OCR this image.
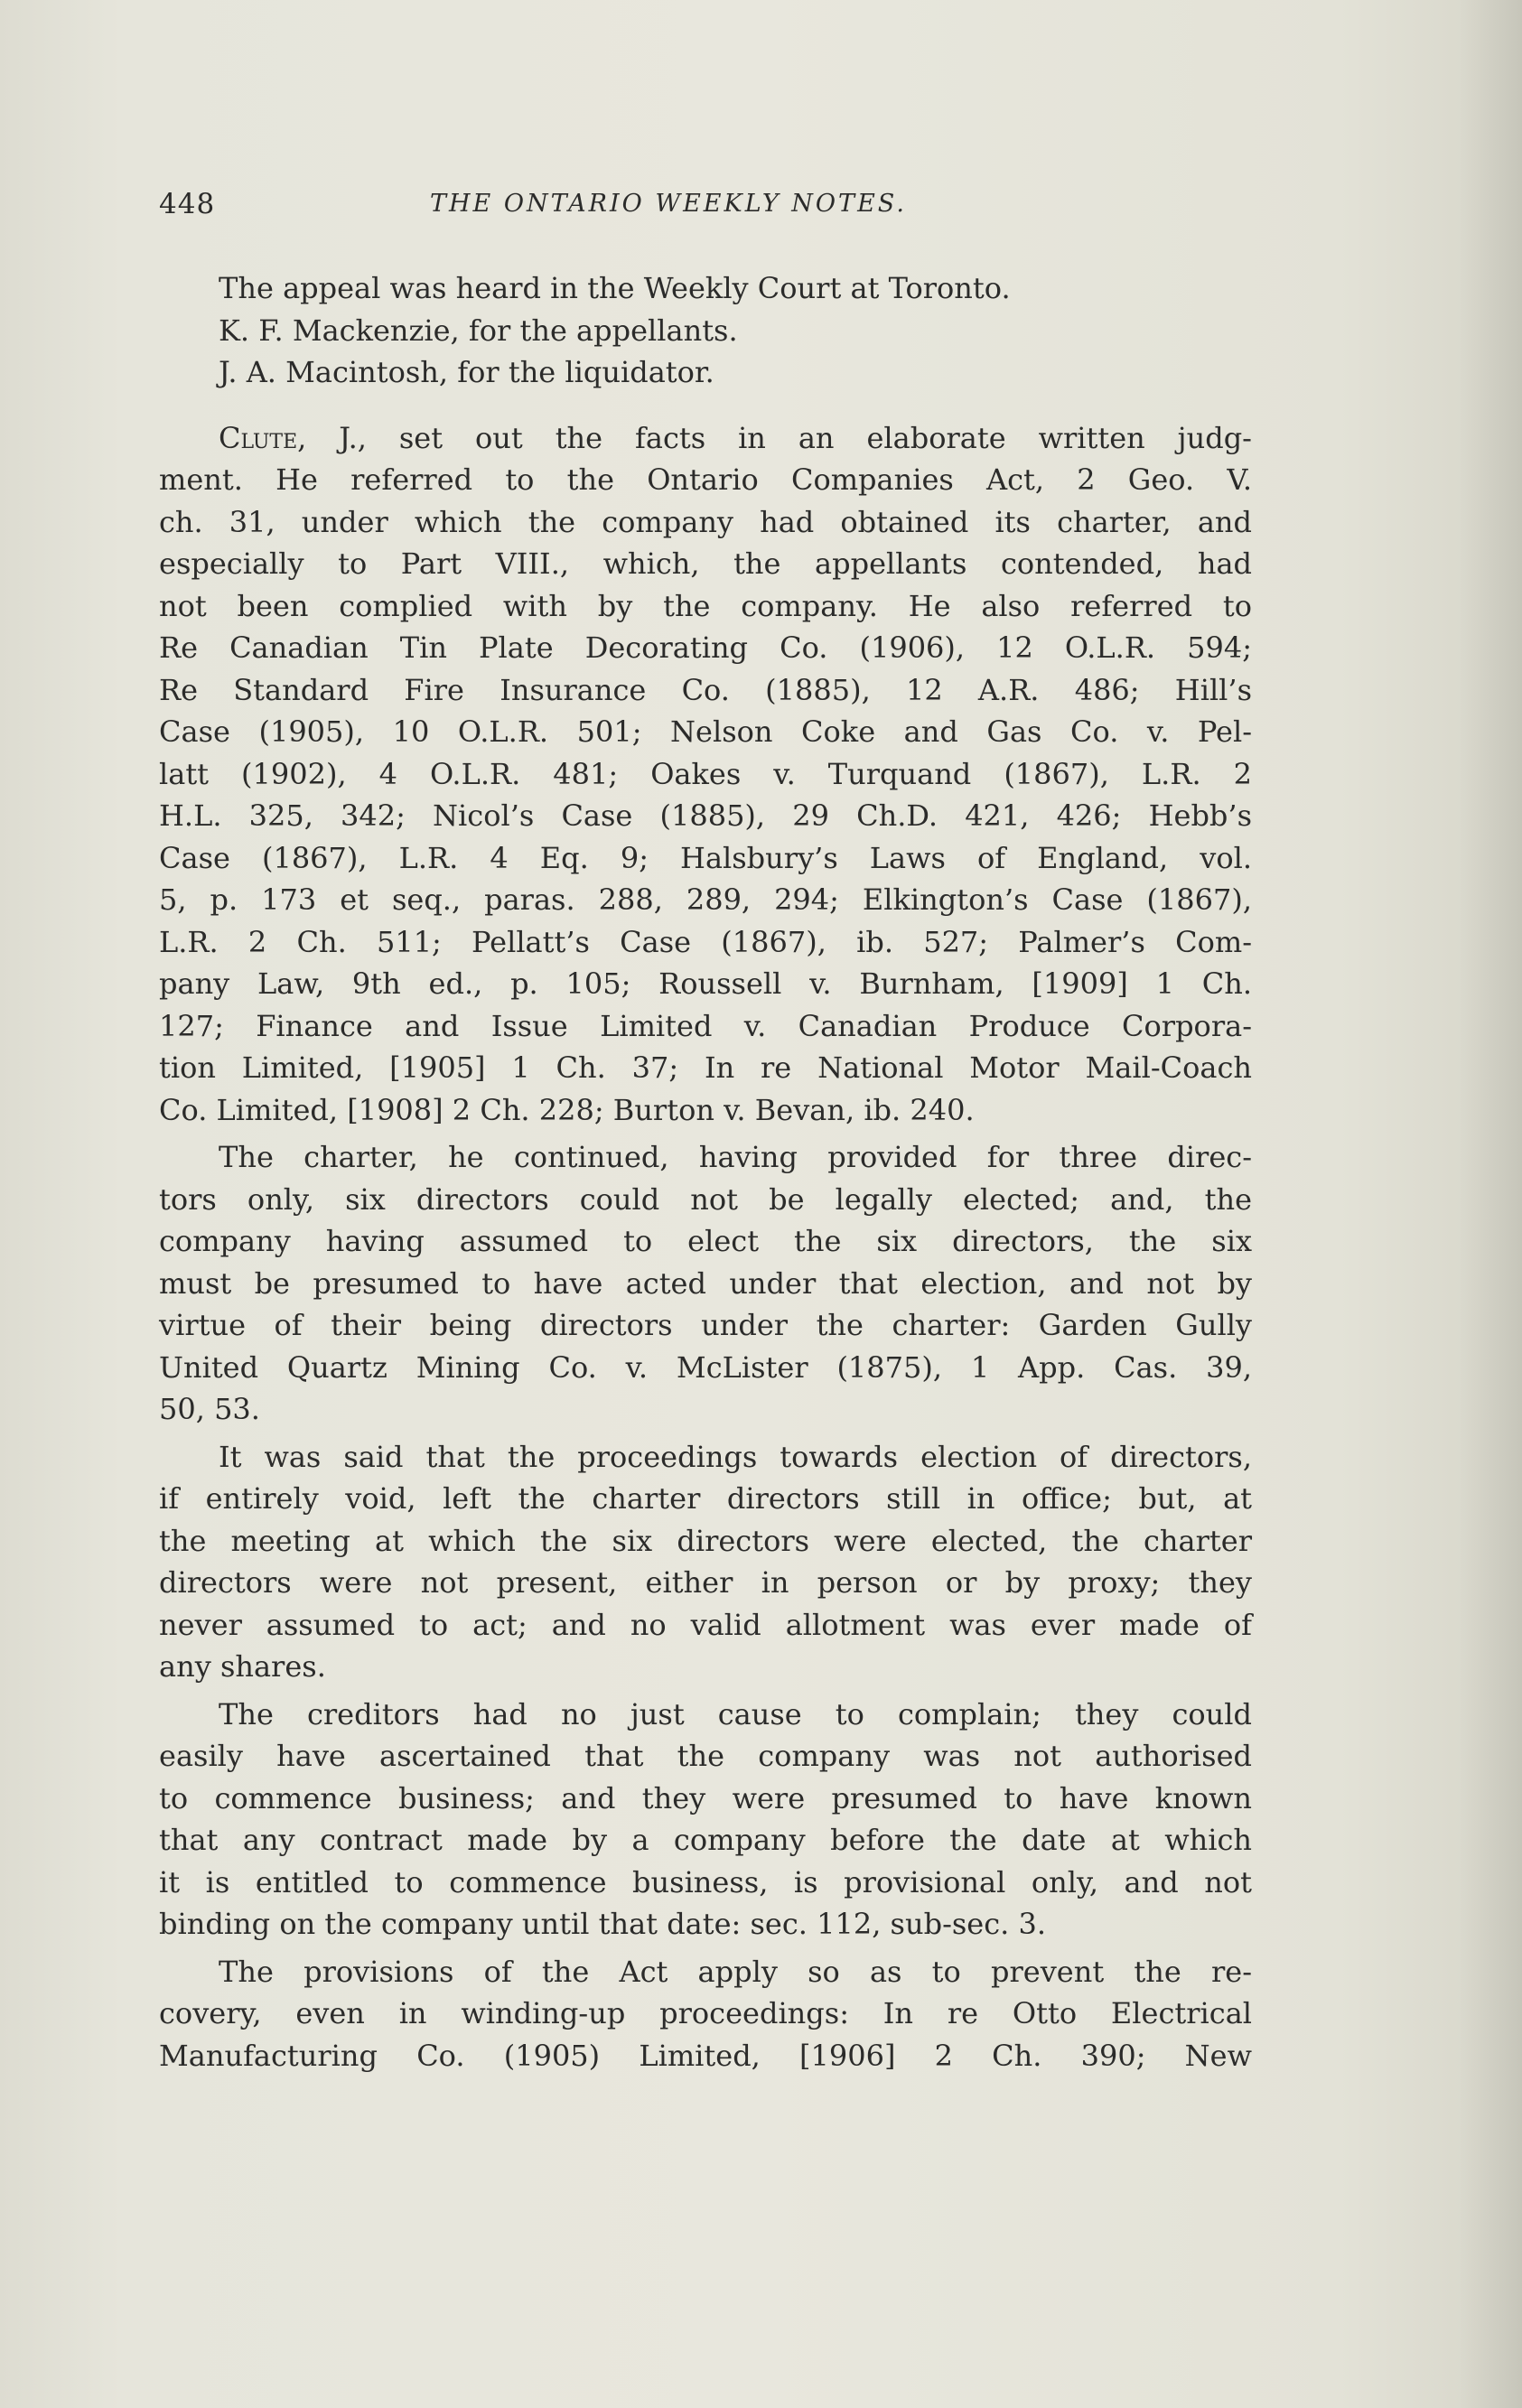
448	THE ONTARIO WEEKLY NOTES.
The appeal was heard in the Weekly Court at Toronto.
K. F. Mackenzie, for the appellants.
J. A. Macintosh, for the liquidator.
Clute, J., set out the facts in an elaborate written judg-
ment. He referred to the Ontario Companies Act, 2 Geo. V.
ch. 31, under which the company had obtained its charter, and
especially to Part VIII., which, the appellants contended, had
not been complied with by the company. He also referred to
Re Canadian Tin Plate Decorating Co. (1906), 12 O.L.R. 594;
Re Standard Fire Insurance Co. (1885), 12 A.R. 486; Hill’s
Case (1905), 10 O.L.R. 501; Nelson Coke and Gas Co. v. Pel-
latt (1902), 4 O.L.R. 481; Oakes v. Turquand (1867), L.R. 2
H.L. 325, 342; Nicol’s Case (1885), 29 Ch.D. 421, 426; Hebb’s
Case (1867), L.R. 4 Eq. 9; Halsbury’s Laws of England, vol.
5, p. 173 et seq., paras. 288, 289, 294; Elkington’s Case (1867),
L.R. 2 Ch. 511; Pellatt’s Case (1867), ib. 527; Palmer’s Com-
pany Law, 9th ed., p. 105; Roussell v. Burnham, [1909] 1 Ch.
127; Finance and Issue Limited v. Canadian Produce Corpora-
tion Limited, [1905] 1 Ch. 37; In re National Motor Mail-Coach
Co. Limited, [1908] 2 Ch. 228; Burton v. Bevan, ib. 240.
The charter, he continued, having provided for three direc-
tors only, six directors could not be legally elected; and, the
company having assumed to elect the six directors, the six
must be presumed to have acted under that election, and not by
virtue of their being directors under the charter: Garden Gully
United Quartz Mining Co. v. McLister (1875), 1 App. Cas. 39,
50, 53.
It was said that the proceedings towards election of directors,
if entirely void, left the charter directors still in office; but, at
the meeting at which the six directors were elected, the charter
directors were not present, either in person or by proxy; they
never assumed to act; and no valid allotment was ever made of
any shares.
The creditors had no just cause to complain; they could
easily have ascertained that the company was not authorised
to commence business; and they were presumed to have known
that any contract made by a company before the date at which
it is entitled to commence business, is provisional only, and not
binding on the company until that date: sec. 112, sub-sec. 3.
The provisions of the Act apply so as to prevent the re-
covery, even in winding-up proceedings: In re Otto Electrical
Manufacturing Co. (1905) Limited, [1906] 2 Ch. 390; New
